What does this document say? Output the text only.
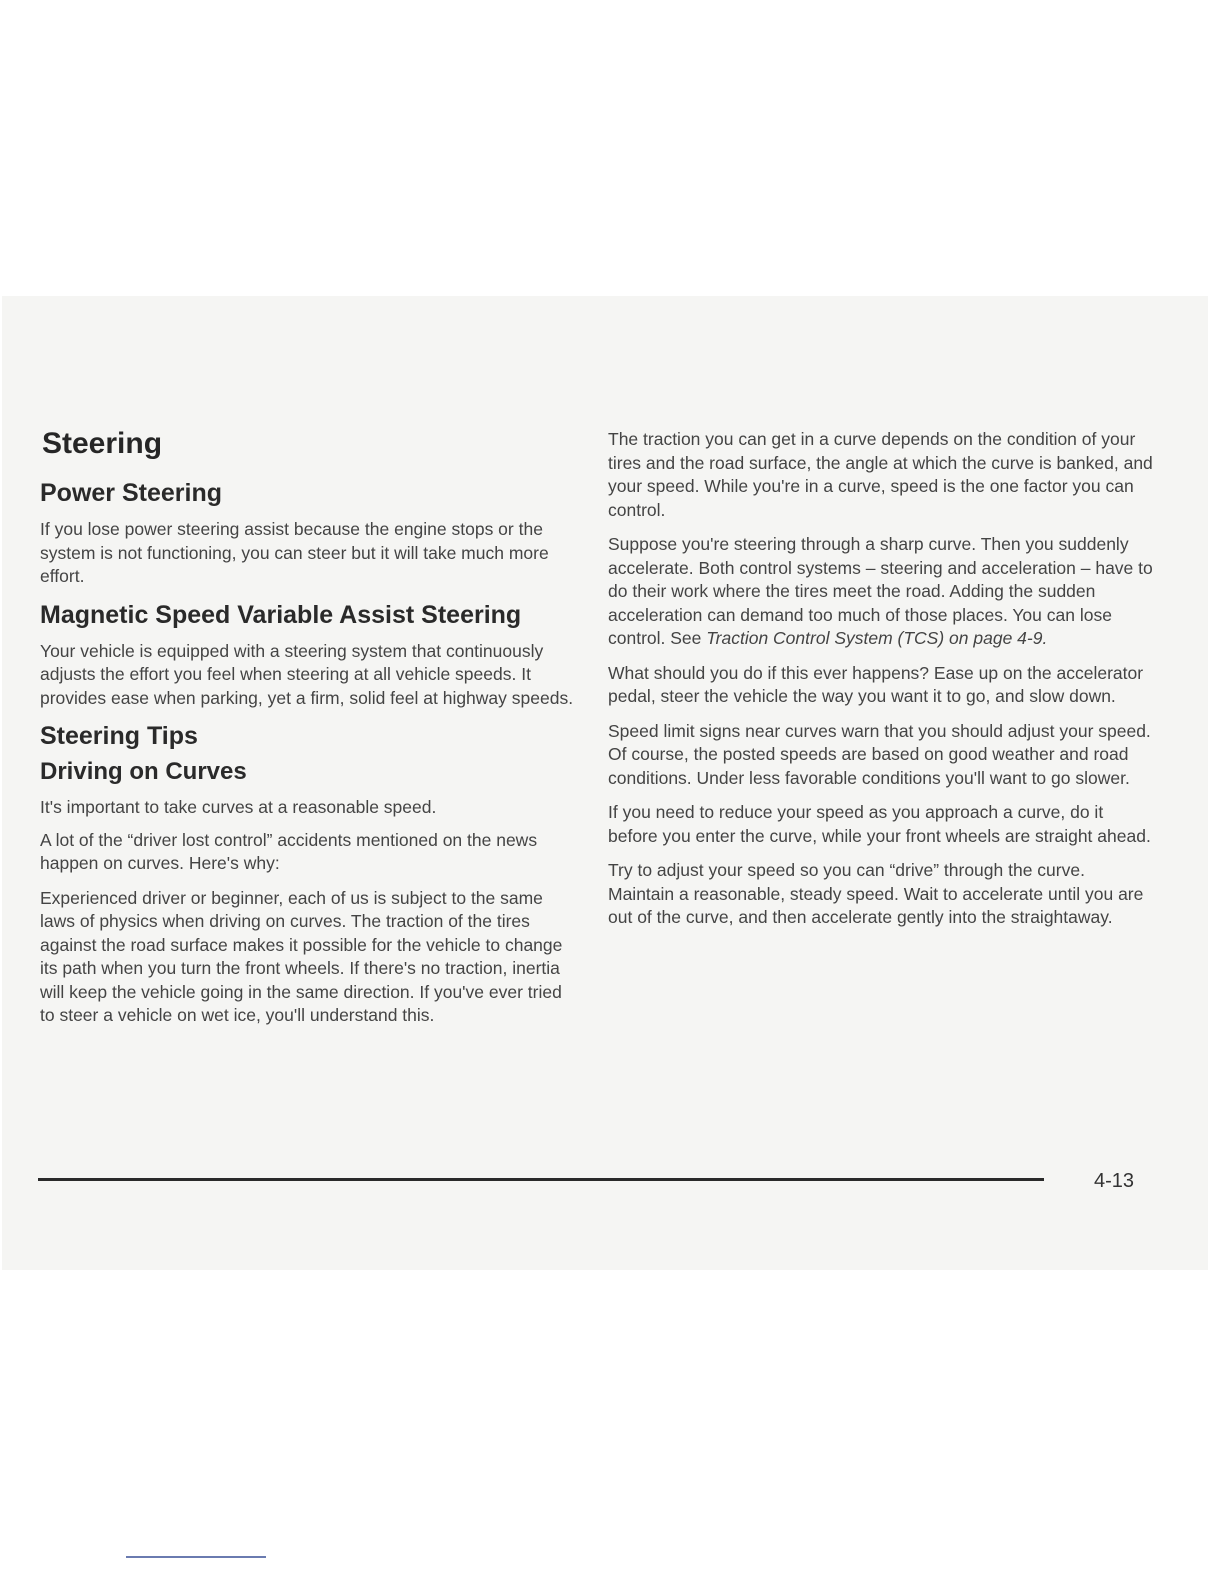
Steering
Power Steering

If you lose power steering assist because the engine stops or the system is not functioning, you can steer but it will take much more effort.

Magnetic Speed Variable Assist Steering

Your vehicle is equipped with a steering system that continuously adjusts the effort you feel when steering at all vehicle speeds. It provides ease when parking, yet a firm, solid feel at highway speeds.

Steering Tips
Driving on Curves

It's important to take curves at a reasonable speed.

A lot of the “driver lost control” accidents mentioned on the news happen on curves. Here's why:

Experienced driver or beginner, each of us is subject to the same laws of physics when driving on curves. The traction of the tires against the road surface makes it possible for the vehicle to change its path when you turn the front wheels. If there's no traction, inertia will keep the vehicle going in the same direction. If you've ever tried to steer a vehicle on wet ice, you'll understand this.

The traction you can get in a curve depends on the condition of your tires and the road surface, the angle at which the curve is banked, and your speed. While you're in a curve, speed is the one factor you can control.

Suppose you're steering through a sharp curve. Then you suddenly accelerate. Both control systems – steering and acceleration – have to do their work where the tires meet the road. Adding the sudden acceleration can demand too much of those places. You can lose control. See Traction Control System (TCS) on page 4-9.

What should you do if this ever happens? Ease up on the accelerator pedal, steer the vehicle the way you want it to go, and slow down.

Speed limit signs near curves warn that you should adjust your speed. Of course, the posted speeds are based on good weather and road conditions. Under less favorable conditions you'll want to go slower.

If you need to reduce your speed as you approach a curve, do it before you enter the curve, while your front wheels are straight ahead.

Try to adjust your speed so you can “drive” through the curve. Maintain a reasonable, steady speed. Wait to accelerate until you are out of the curve, and then accelerate gently into the straightaway.

4-13
